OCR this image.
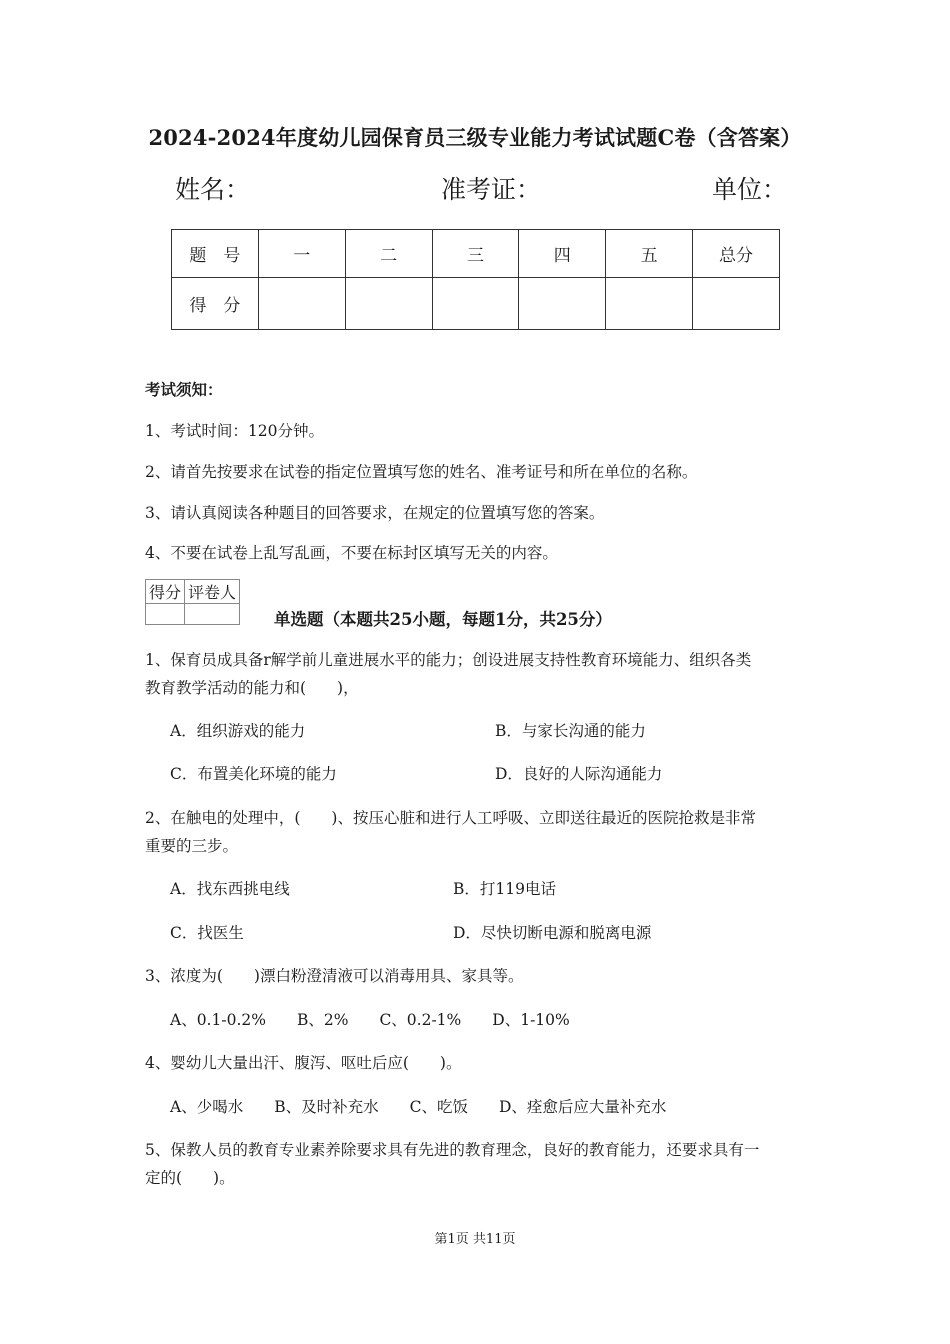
2024-2024年度幼儿园保育员三级专业能力考试试题C卷（含答案）
姓名：	准考证：	单位：
题　号	一	二	三	四	五	总分
得　分						
考试须知：
1、考试时间：120分钟。
2、请首先按要求在试卷的指定位置填写您的姓名、准考证号和所在单位的名称。
3、请认真阅读各种题目的回答要求，在规定的位置填写您的答案。
4、不要在试卷上乱写乱画，不要在标封区填写无关的内容。
得分	评卷人

单选题（本题共25小题，每题1分，共25分）
1、保育员成具备r解学前儿童进展水平的能力；创设进展支持性教育环境能力、组织各类
教育教学活动的能力和(　　)，
A．组织游戏的能力	B．与家长沟通的能力
C．布置美化环境的能力	D．良好的人际沟通能力
2、在触电的处理中，(　　)、按压心脏和进行人工呼吸、立即送往最近的医院抢救是非常
重要的三步。
A．找东西挑电线	B．打119电话
C．找医生	D．尽快切断电源和脱离电源
3、浓度为(　　)漂白粉澄清液可以消毒用具、家具等。
A、0.1-0.2%　　B、2%　　C、0.2-1%　　D、1-10%
4、婴幼儿大量出汗、腹泻、呕吐后应(　　)。
A、少喝水　　B、及时补充水　　C、吃饭　　D、痊愈后应大量补充水
5、保教人员的教育专业素养除要求具有先进的教育理念，良好的教育能力，还要求具有一
定的(　　)。
第1页 共11页
